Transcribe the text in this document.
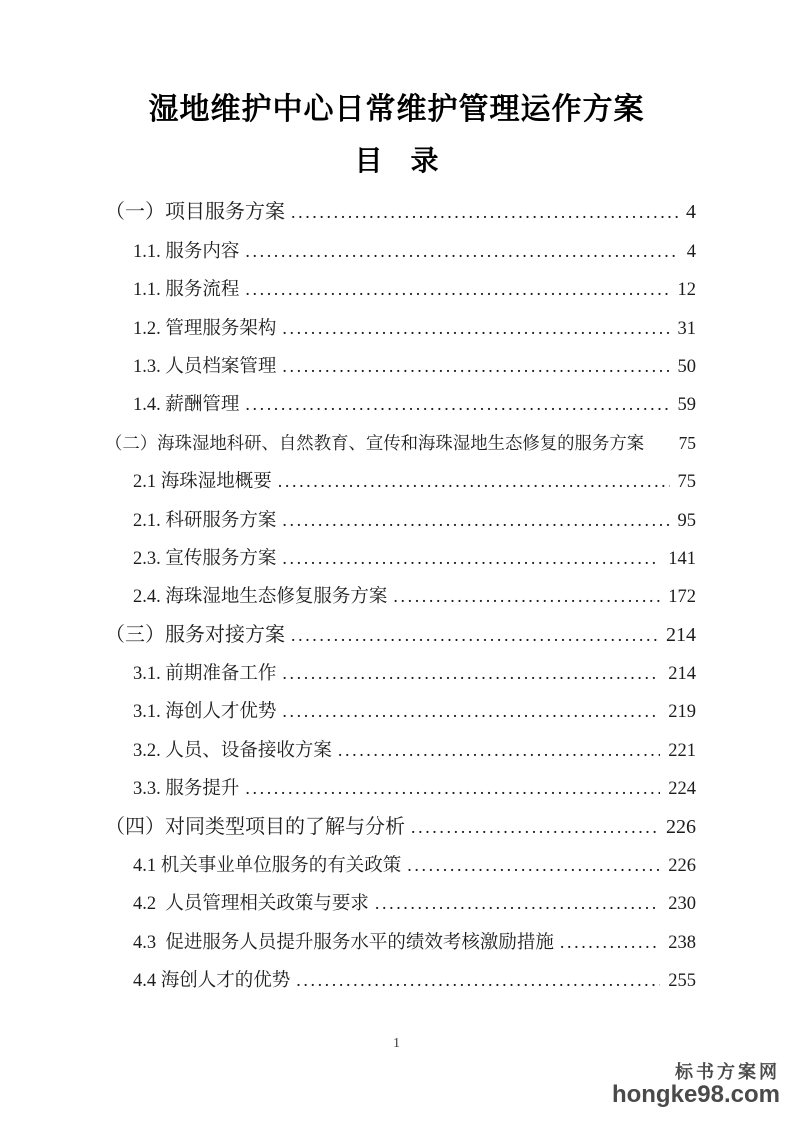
湿地维护中心日常维护管理运作方案
目　录
（一）项目服务方案 .....	4
1.1. 服务内容 .....	4
1.1. 服务流程 .....	12
1.2. 管理服务架构 .....	31
1.3. 人员档案管理 .....	50
1.4. 薪酬管理 .....	59
（二）海珠湿地科研、自然教育、宣传和海珠湿地生态修复的服务方案 75
2.1 海珠湿地概要 .....	75
2.1. 科研服务方案 .....	95
2.3. 宣传服务方案 .....	141
2.4. 海珠湿地生态修复服务方案 .....	172
（三）服务对接方案 .....	214
3.1. 前期准备工作 .....	214
3.1. 海创人才优势 .....	219
3.2. 人员、设备接收方案 .....	221
3.3. 服务提升 .....	224
（四）对同类型项目的了解与分析 .....	226
4.1 机关事业单位服务的有关政策 .....	226
4.2  人员管理相关政策与要求 .....	230
4.3  促进服务人员提升服务水平的绩效考核激励措施 .....	238
4.4 海创人才的优势 .....	255
1
标书方案网
hongke98.com
